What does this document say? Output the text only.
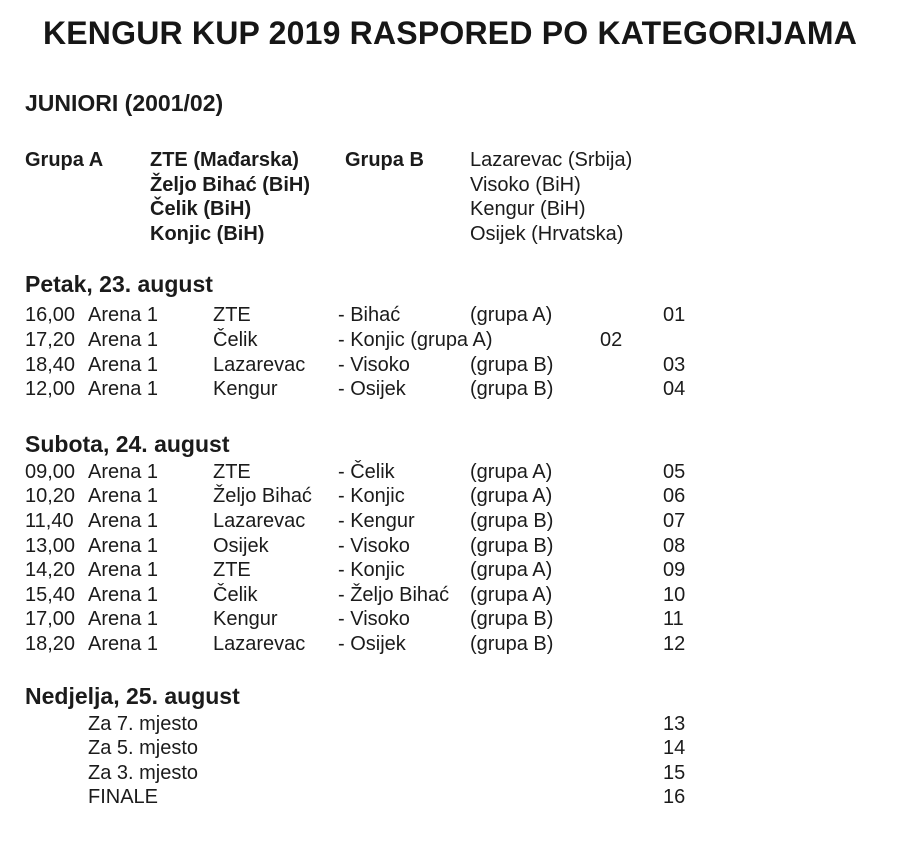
KENGUR KUP 2019 RASPORED PO KATEGORIJAMA
JUNIORI (2001/02)
Grupa A	ZTE (Mađarska)
Željo Bihać (BiH)
Čelik (BiH)
Konjic (BiH)
Grupa B	Lazarevac (Srbija)
Visoko (BiH)
Kengur (BiH)
Osijek (Hrvatska)
Petak, 23. august
16,00 Arena 1	ZTE	- Bihać	(grupa A)	01
17,20 Arena 1	Čelik	- Konjic (grupa A)	02
18,40 Arena 1	Lazarevac	- Visoko	(grupa B)	03
12,00 Arena 1	Kengur	- Osijek	(grupa B)	04
Subota, 24. august
09,00 Arena 1	ZTE	- Čelik	(grupa A)	05
10,20 Arena 1	Željo Bihać	- Konjic	(grupa A)	06
11,40 Arena 1	Lazarevac	- Kengur	(grupa B)	07
13,00 Arena 1	Osijek	- Visoko	(grupa B)	08
14,20 Arena 1	ZTE	- Konjic	(grupa A)	09
15,40 Arena 1	Čelik	- Željo Bihać	(grupa A)	10
17,00 Arena 1	Kengur	- Visoko	(grupa B)	11
18,20 Arena 1	Lazarevac	- Osijek	(grupa B)	12
Nedjelja, 25. august
Za 7. mjesto	13
Za 5. mjesto	14
Za 3. mjesto	15
FINALE	16
